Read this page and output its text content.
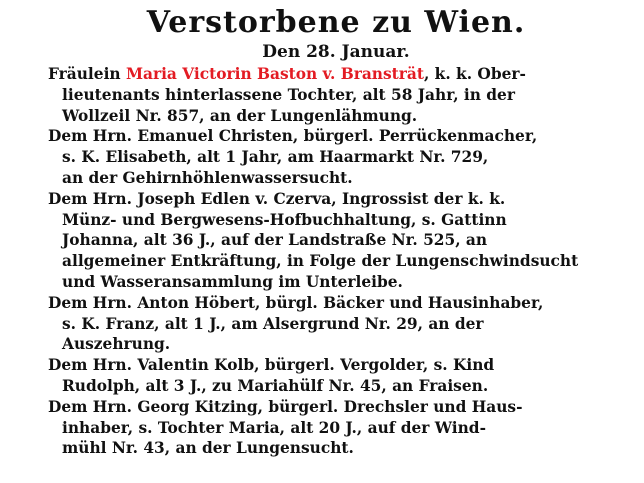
Verstorbene zu Wien.
Den 28. Januar.
Fräulein Maria Victorin Baston v. Bransträt, k. k. Ober-
lieutenants hinterlassene Tochter, alt 58 Jahr, in der
Wollzeil Nr. 857, an der Lungenlähmung.
Dem Hrn. Emanuel Christen, bürgerl. Perrückenmacher,
s. K. Elisabeth, alt 1 Jahr, am Haarmarkt Nr. 729,
an der Gehirnhöhlenwassersucht.
Dem Hrn. Joseph Edlen v. Czerva, Ingrossist der k. k.
Münz- und Bergwesens-Hofbuchhaltung, s. Gattinn
Johanna, alt 36 J., auf der Landstraße Nr. 525, an
allgemeiner Entkräftung, in Folge der Lungenschwindsucht
und Wasseransammlung im Unterleibe.
Dem Hrn. Anton Höbert, bürgl. Bäcker und Hausinhaber,
s. K. Franz, alt 1 J., am Alsergrund Nr. 29, an der
Auszehrung.
Dem Hrn. Valentin Kolb, bürgerl. Vergolder, s. Kind
Rudolph, alt 3 J., zu Mariahülf Nr. 45, an Fraisen.
Dem Hrn. Georg Kitzing, bürgerl. Drechsler und Haus-
inhaber, s. Tochter Maria, alt 20 J., auf der Wind-
mühl Nr. 43, an der Lungensucht.
